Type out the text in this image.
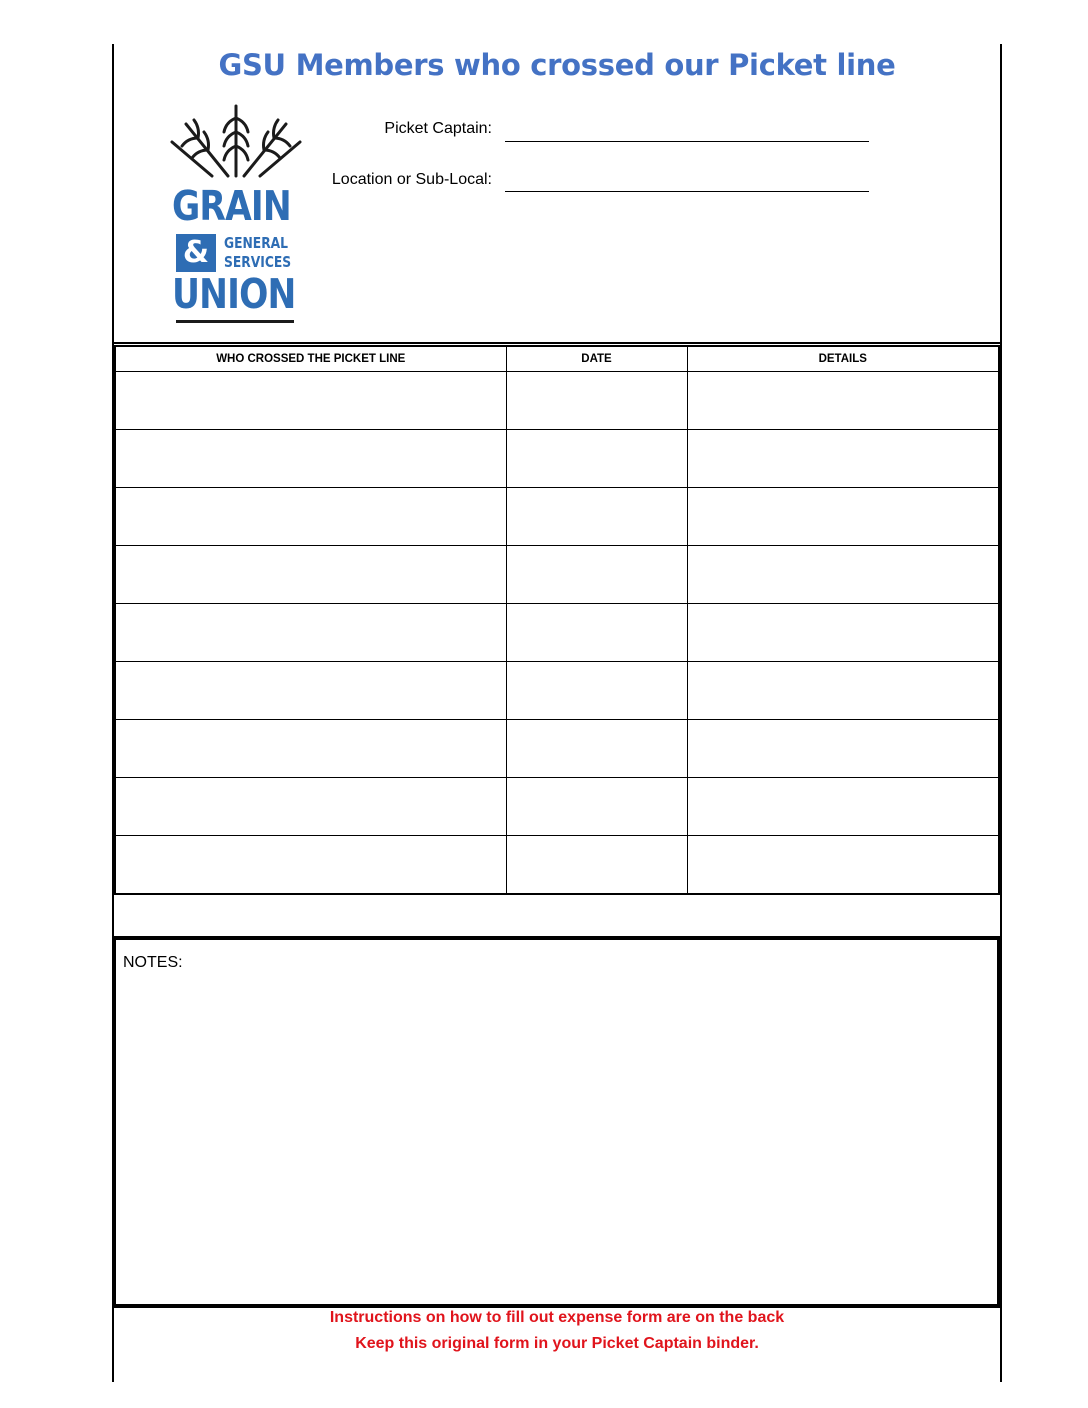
GSU Members who crossed our Picket line
GRAIN
& GENERAL
SERVICES
UNION
Picket Captain:
Location or Sub-Local:
WHO CROSSED THE PICKET LINE	DATE	DETAILS

NOTES:
Instructions on how to fill out expense form are on the back
Keep this original form in your Picket Captain binder.
